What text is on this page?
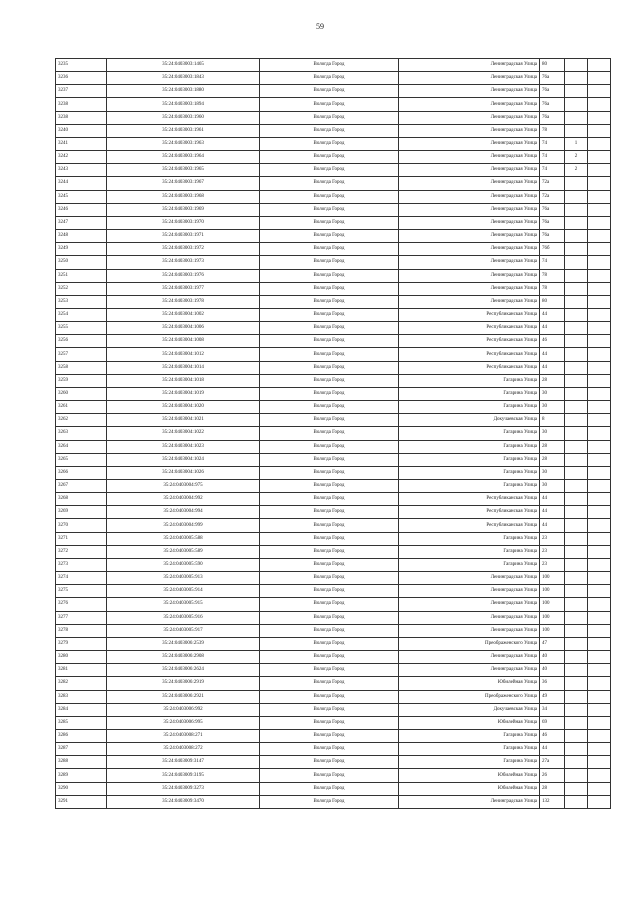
59
3235	35:24:0403003:1465	Вологда Город	Ленинградская Улица	80			
3236	35:24:0403003:1843	Вологда Город	Ленинградская Улица	76а			
3237	35:24:0403003:1880	Вологда Город	Ленинградская Улица	76а			
3238	35:24:0403003:1894	Вологда Город	Ленинградская Улица	76а			
3238	35:24:0403003:1960	Вологда Город	Ленинградская Улица	76а			
3240	35:24:0403003:1961	Вологда Город	Ленинградская Улица	78			
3241	35:24:0403003:1963	Вологда Город	Ленинградская Улица	74	1		
3242	35:24:0403003:1964	Вологда Город	Ленинградская Улица	74	2		
3243	35:24:0403003:1965	Вологда Город	Ленинградская Улица	74	2		
3244	35:24:0403003:1967	Вологда Город	Ленинградская Улица	72а			
3245	35:24:0403003:1968	Вологда Город	Ленинградская Улица	72а			
3246	35:24:0403003:1969	Вологда Город	Ленинградская Улица	76а			
3247	35:24:0403003:1970	Вологда Город	Ленинградская Улица	76а			
3248	35:24:0403003:1971	Вологда Город	Ленинградская Улица	76а			
3249	35:24:0403003:1972	Вологда Город	Ленинградская Улица	76б			
3250	35:24:0403003:1973	Вологда Город	Ленинградская Улица	74			
3251	35:24:0403003:1976	Вологда Город	Ленинградская Улица	78			
3252	35:24:0403003:1977	Вологда Город	Ленинградская Улица	78			
3253	35:24:0403003:1978	Вологда Город	Ленинградская Улица	80			
3254	35:24:0403004:1002	Вологда Город	Республиканская Улица	44			
3255	35:24:0403004:1006	Вологда Город	Республиканская Улица	44			
3256	35:24:0403004:1008	Вологда Город	Республиканская Улица	46			
3257	35:24:0403004:1012	Вологда Город	Республиканская Улица	44			
3258	35:24:0403004:1014	Вологда Город	Республиканская Улица	44			
3259	35:24:0403004:1018	Вологда Город	Гагарина Улица	28			
3260	35:24:0403004:1019	Вологда Город	Гагарина Улица	30			
3261	35:24:0403004:1020	Вологда Город	Гагарина Улица	30			
3262	35:24:0403004:1021	Вологда Город	Докучаевская Улица	8			
3263	35:24:0403004:1022	Вологда Город	Гагарина Улица	30			
3264	35:24:0403004:1023	Вологда Город	Гагарина Улица	28			
3265	35:24:0403004:1024	Вологда Город	Гагарина Улица	28			
3266	35:24:0403004:1026	Вологда Город	Гагарина Улица	30			
3267	35:24:0403004:975	Вологда Город	Гагарина Улица	30			
3268	35:24:0403004:992	Вологда Город	Республиканская Улица	44			
3269	35:24:0403004:994	Вологда Город	Республиканская Улица	44			
3270	35:24:0403004:999	Вологда Город	Республиканская Улица	44			
3271	35:24:0403005:588	Вологда Город	Гагарина Улица	23			
3272	35:24:0403005:589	Вологда Город	Гагарина Улица	23			
3273	35:24:0403005:590	Вологда Город	Гагарина Улица	23			
3274	35:24:0403005:913	Вологда Город	Ленинградская Улица	100			
3275	35:24:0403005:914	Вологда Город	Ленинградская Улица	100			
3276	35:24:0403005:915	Вологда Город	Ленинградская Улица	100			
3277	35:24:0403005:916	Вологда Город	Ленинградская Улица	100			
3278	35:24:0403005:917	Вологда Город	Ленинградская Улица	100			
3279	35:24:0403006:2539	Вологда Город	Преображенского Улица	47			
3280	35:24:0403006:2908	Вологда Город	Ленинградская Улица	40			
3281	35:24:0403006:2624	Вологда Город	Ленинградская Улица	40			
3282	35:24:0403006:2919	Вологда Город	Юбилейная Улица	36			
3283	35:24:0403006:2921	Вологда Город	Преображенского Улица	49			
3284	35:24:0403006:992	Вологда Город	Докучаевская Улица	34			
3285	35:24:0403006:995	Вологда Город	Юбилейная Улица	69			
3286	35:24:0403008:271	Вологда Город	Гагарина Улица	46			
3287	35:24:0403008:272	Вологда Город	Гагарина Улица	44			
3288	35:24:0403009:3147	Вологда Город	Гагарина Улица	27а			
3289	35:24:0403009:3195	Вологда Город	Юбилейная Улица	26			
3290	35:24:0403009:3273	Вологда Город	Юбилейная Улица	28			
3291	35:24:0403009:3470	Вологда Город	Ленинградская Улица	132			
